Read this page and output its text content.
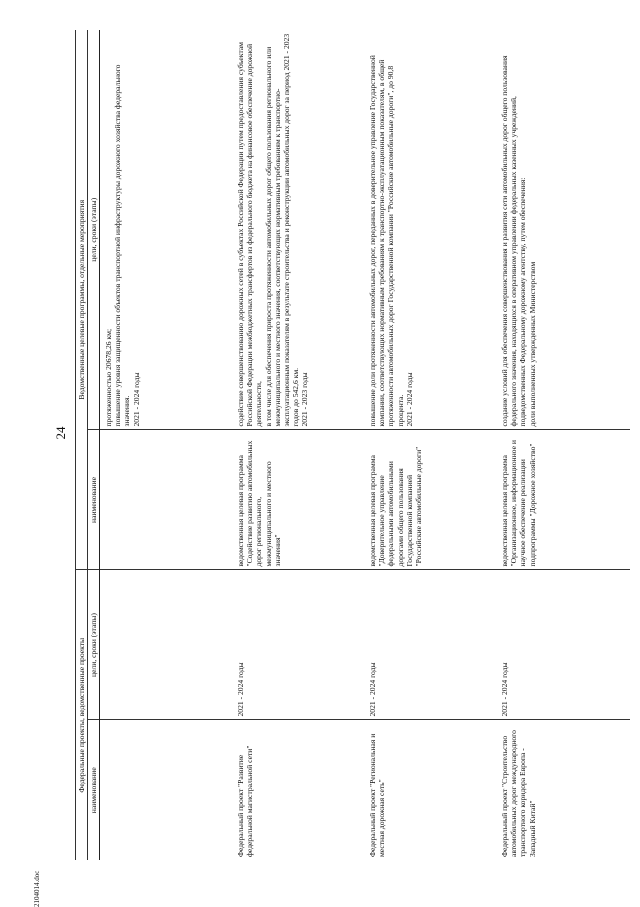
24
Федеральные проекты, ведомственные проекты		Ведомственные целевые программы, отдельные мероприятия	
наименование	цели, сроки (этапы)	наименование	цели, сроки (этапы)

			протяженностью 20678,26 км;
повышение уровня защищенности объектов транспортной инфраструктуры дорожного хозяйства федерального значения.
2021 - 2024 годы

Федеральный проект "Развитие федеральной магистральной сети"	2021 - 2024 годы	ведомственная целевая программа "Содействие развитию автомобильных дорог регионального, межмуниципального и местного значения"	содействие совершенствованию дорожных сетей в субъектах Российской Федерации путем предоставления субъектам Российской Федерации межбюджетных трансфертов из федерального бюджета на финансовое обеспечение дорожной деятельности,
в том числе для обеспечения прироста протяженности автомобильных дорог общего пользования регионального или межмуниципального и местного значения, соответствующих нормативным требованиям к транспортно-эксплуатационным показателям в результате строительства и реконструкции автомобильных дорог за период 2021 - 2023 годов до 542,6 км.
2021 - 2023 годы

Федеральный проект "Региональная и местная дорожная сеть"	2021 - 2024 годы	ведомственная целевая программа "Доверительное управление федеральными автомобильными дорогами общего пользования Государственной компанией "Российские автомобильные дороги"	повышение доли протяженности автомобильных дорог, переданных в доверительное управление Государственной компании, соответствующих нормативным требованиям к транспортно-эксплуатационным показателям, в общей протяженности автомобильных дорог Государственной компании "Российские автомобильные дороги", до 90,8 процента.
2021 - 2024 годы

Федеральный проект "Строительство автомобильных дорог международного транспортного коридора Европа - Западный Китай"	2021 - 2024 годы	ведомственная целевая программа "Организационное, информационное и научное обеспечение реализации подпрограммы "Дорожное хозяйство"	создание условий для обеспечения совершенствования и развития сети автомобильных дорог общего пользования федерального значения, находящихся в оперативном управлении федеральных казенных учреждений, подведомственных Федеральному дорожному агентству, путем обеспечения:
доли выполненных утвержденных Министерством
2104014.doc
